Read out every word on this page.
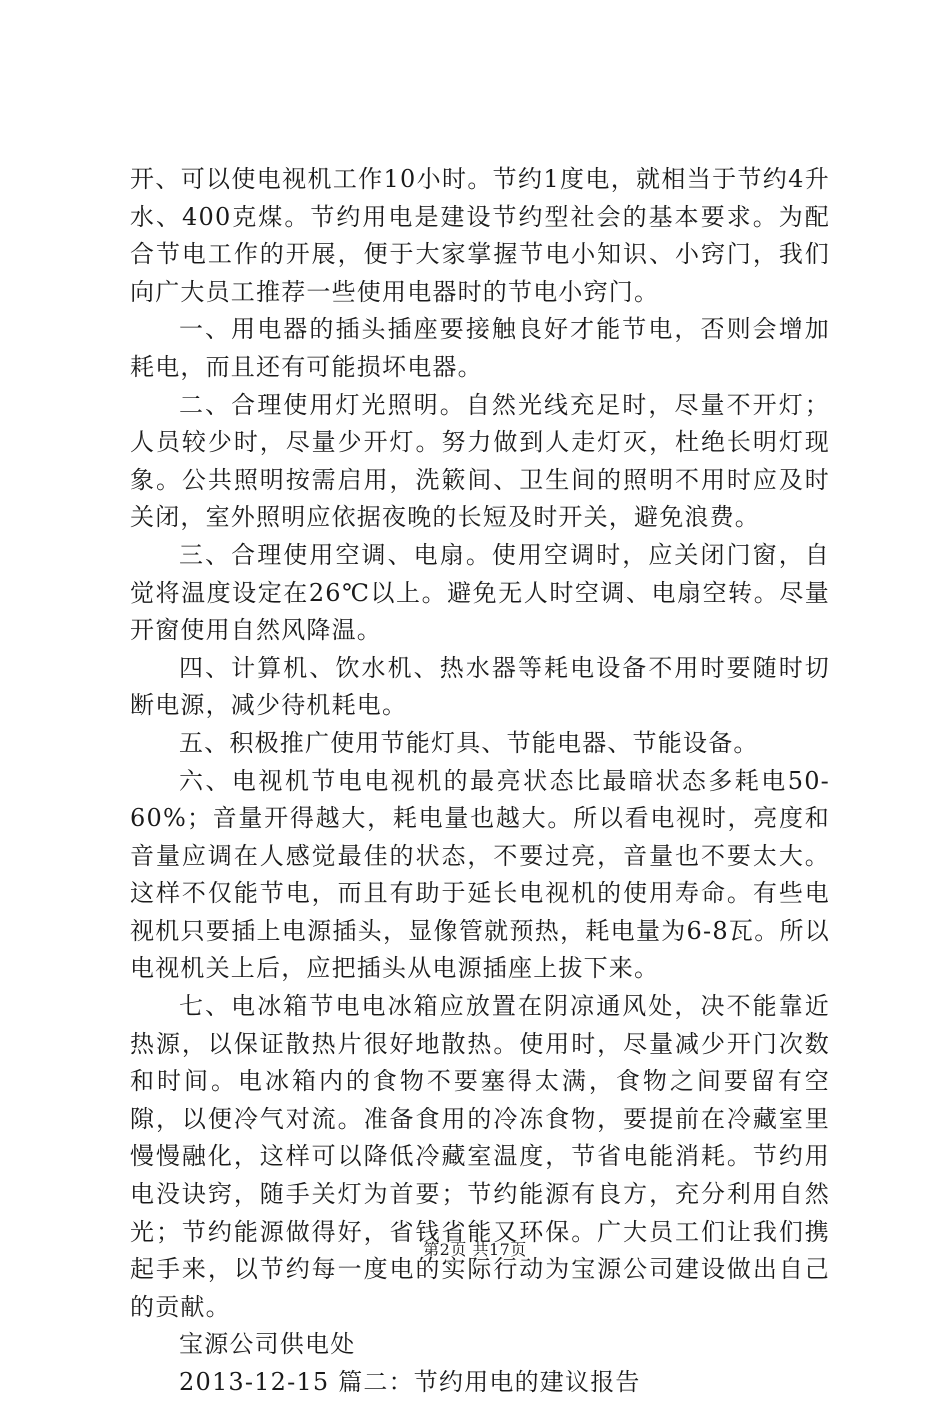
开、可以使电视机工作10小时。节约1度电，就相当于节约4升水、400克煤。节约用电是建设节约型社会的基本要求。为配合节电工作的开展，便于大家掌握节电小知识、小窍门，我们向广大员工推荐一些使用电器时的节电小窍门。

一、用电器的插头插座要接触良好才能节电，否则会增加耗电，而且还有可能损坏电器。

二、合理使用灯光照明。自然光线充足时，尽量不开灯；人员较少时，尽量少开灯。努力做到人走灯灭，杜绝长明灯现象。公共照明按需启用，洗簌间、卫生间的照明不用时应及时关闭，室外照明应依据夜晚的长短及时开关，避免浪费。

三、合理使用空调、电扇。使用空调时，应关闭门窗，自觉将温度设定在26℃以上。避免无人时空调、电扇空转。尽量开窗使用自然风降温。

四、计算机、饮水机、热水器等耗电设备不用时要随时切断电源，减少待机耗电。

五、积极推广使用节能灯具、节能电器、节能设备。

六、电视机节电电视机的最亮状态比最暗状态多耗电50-60%；音量开得越大，耗电量也越大。所以看电视时，亮度和音量应调在人感觉最佳的状态，不要过亮，音量也不要太大。这样不仅能节电，而且有助于延长电视机的使用寿命。有些电视机只要插上电源插头，显像管就预热，耗电量为6-8瓦。所以电视机关上后，应把插头从电源插座上拔下来。

七、电冰箱节电电冰箱应放置在阴凉通风处，决不能靠近热源，以保证散热片很好地散热。使用时，尽量减少开门次数和时间。电冰箱内的食物不要塞得太满，食物之间要留有空隙，以便冷气对流。准备食用的冷冻食物，要提前在冷藏室里慢慢融化，这样可以降低冷藏室温度，节省电能消耗。节约用电没诀窍，随手关灯为首要；节约能源有良方，充分利用自然光；节约能源做得好，省钱省能又环保。广大员工们让我们携起手来，以节约每一度电的实际行动为宝源公司建设做出自己的贡献。

宝源公司供电处

2013-12-15 篇二：节约用电的建议报告

第2页 共17页
